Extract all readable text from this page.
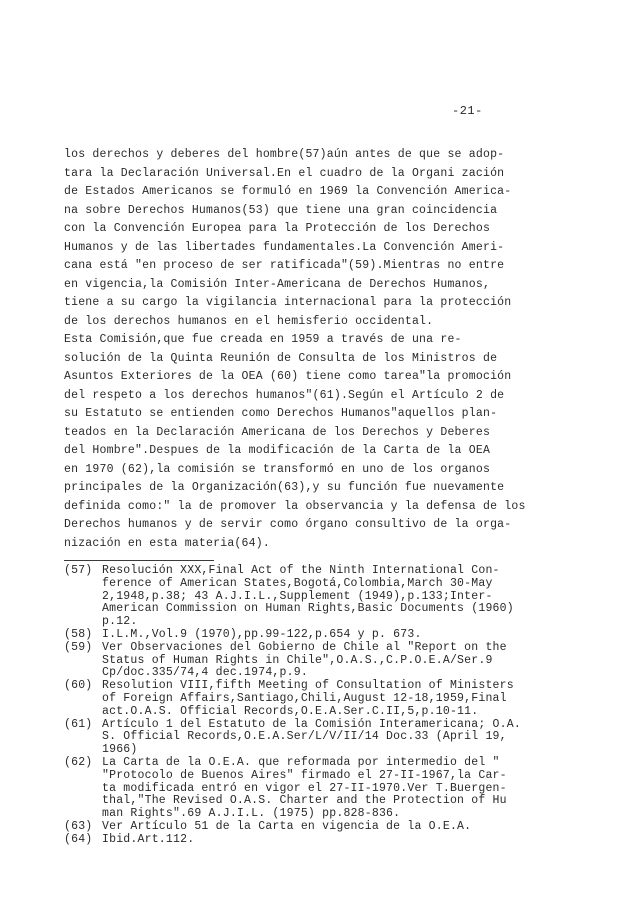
-21-
los derechos y deberes del hombre(57)aún antes de que se adop-
tara la Declaración Universal.En el cuadro de la Organi zación
de Estados Americanos se formuló en 1969 la Convención America-
na sobre Derechos Humanos(53) que tiene una gran coincidencia
con la Convención Europea para la Protección de los Derechos
Humanos y de las libertades fundamentales.La Convención Ameri-
cana está "en proceso de ser ratificada"(59).Mientras no entre
en vigencia,la Comisión Inter-Americana de Derechos Humanos,
tiene a su cargo la vigilancia internacional para la protección
de los derechos humanos en el hemisferio occidental.
Esta Comisión,que fue creada en 1959 a través de una re-
solución de la Quinta Reunión de Consulta de los Ministros de
Asuntos Exteriores de la OEA (60) tiene como tarea"la promoción
del respeto a los derechos humanos"(61).Según el Artículo 2 de
su Estatuto se entienden como Derechos Humanos"aquellos plan-
teados en la Declaración Americana de los Derechos y Deberes
del Hombre".Despues de la modificación de la Carta de la OEA
en 1970 (62),la comisión se transformó en uno de los organos
principales de la Organización(63),y su función fue nuevamente
definida como:" la de promover la observancia y la defensa de los
Derechos humanos y de servir como órgano consultivo de la orga-
nización en esta materia(64).
(57) Resolución XXX,Final Act of the Ninth International Con-
ference of American States,Bogotá,Colombia,March 30-May
2,1948,p.38; 43 A.J.I.L.,Supplement (1949),p.133;Inter-
American Commission on Human Rights,Basic Documents (1960)
p.12.
(58) I.L.M.,Vol.9 (1970),pp.99-122,p.654 y p. 673.
(59) Ver Observaciones del Gobierno de Chile al "Report on the
Status of Human Rights in Chile",O.A.S.,C.P.O.E.A/Ser.9
Cp/doc.335/74,4 dec.1974,p.9.
(60) Resolution VIII,fifth Meeting of Consultation of Ministers
of Foreign Affairs,Santiago,Chili,August 12-18,1959,Final
act.O.A.S. Official Records,O.E.A.Ser.C.II,5,p.10-11.
(61) Artículo 1 del Estatuto de la Comisión Interamericana; O.A.
S. Official Records,O.E.A.Ser/L/V/II/14 Doc.33 (April 19,
1966)
(62) La Carta de la O.E.A. que reformada por intermedio del "
"Protocolo de Buenos Aires" firmado el 27-II-1967,la Car-
ta modificada entró en vigor el 27-II-1970.Ver T.Buergen-
thal,"The Revised O.A.S. Charter and the Protection of Hu
man Rights".69 A.J.I.L. (1975) pp.828-836.
(63) Ver Artículo 51 de la Carta en vigencia de la O.E.A.
(64) Ibid.Art.112.
